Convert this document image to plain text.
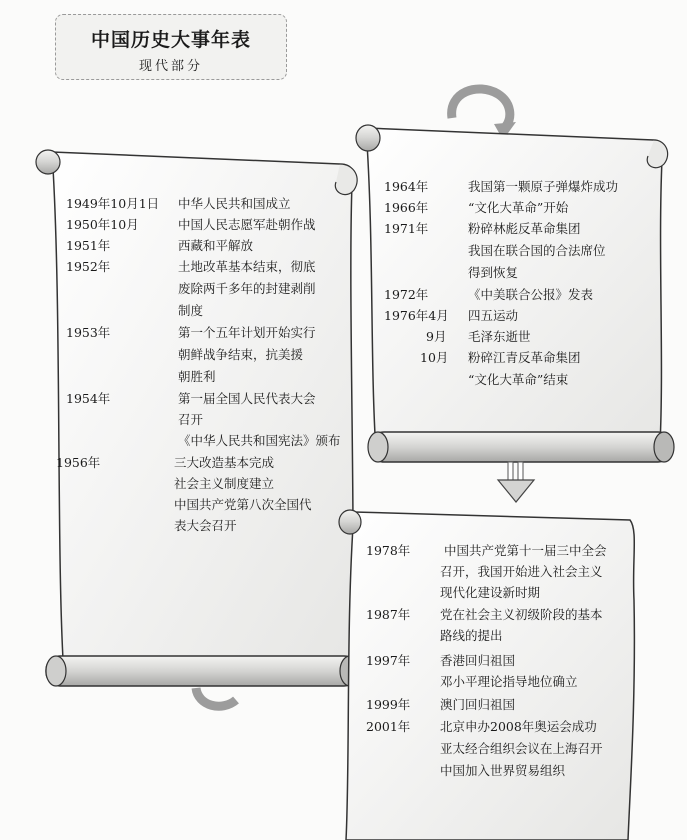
中国历史大事年表
现代部分
1949年10月1日 中华人民共和国成立
1950年10月	中国人民志愿军赴朝作战
1951年	西藏和平解放
1952年	土地改革基本结束，彻底
废除两千多年的封建剥削
制度
1953年	第一个五年计划开始实行
朝鲜战争结束，抗美援
朝胜利
1954年	第一届全国人民代表大会
召开
《中华人民共和国宪法》颁布
1956年	三大改造基本完成
社会主义制度建立
中国共产党第八次全国代
表大会召开
1964年	我国第一颗原子弹爆炸成功
1966年	“文化大革命”开始
1971年	粉碎林彪反革命集团
我国在联合国的合法席位
得到恢复
1972年	《中美联合公报》发表
1976年4月 四五运动
9月 毛泽东逝世
10月 粉碎江青反革命集团
“文化大革命”结束
1978年	中国共产党第十一届三中全会
召开，我国开始进入社会主义
现代化建设新时期
1987年 党在社会主义初级阶段的基本
路线的提出
1997年 香港回归祖国
邓小平理论指导地位确立
1999年 澳门回归祖国
2001年 北京申办2008年奥运会成功
亚太经合组织会议在上海召开
中国加入世界贸易组织
